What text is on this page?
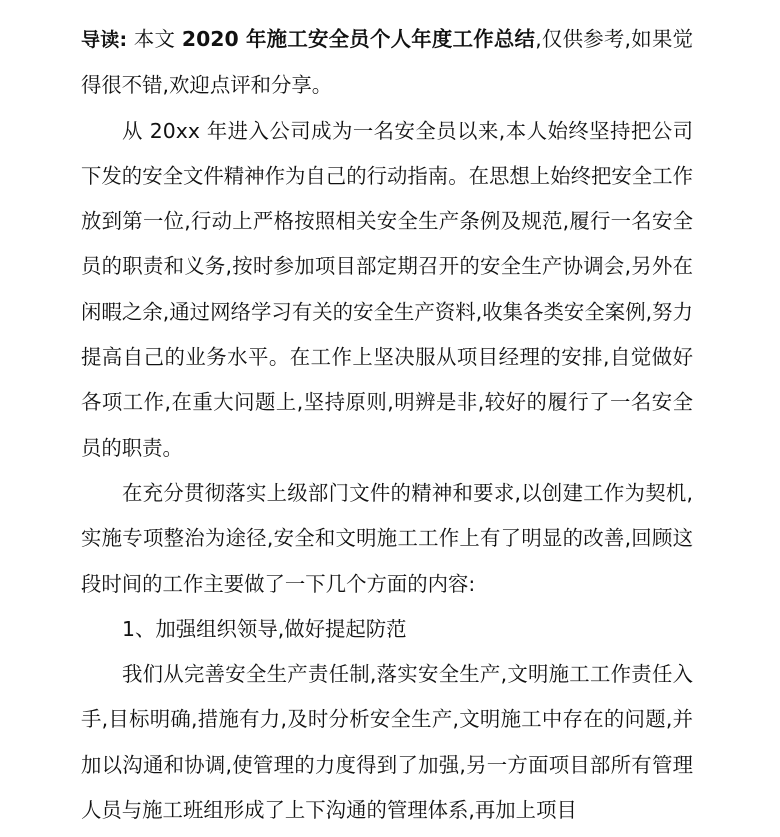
导读: 本文 2020 年施工安全员个人年度工作总结,仅供参考,如果觉得很不错,欢迎点评和分享。

从 20xx 年进入公司成为一名安全员以来,本人始终坚持把公司下发的安全文件精神作为自己的行动指南。在思想上始终把安全工作放到第一位,行动上严格按照相关安全生产条例及规范,履行一名安全员的职责和义务,按时参加项目部定期召开的安全生产协调会,另外在闲暇之余,通过网络学习有关的安全生产资料,收集各类安全案例,努力提高自己的业务水平。在工作上坚决服从项目经理的安排,自觉做好各项工作,在重大问题上,坚持原则,明辨是非,较好的履行了一名安全员的职责。

在充分贯彻落实上级部门文件的精神和要求,以创建工作为契机,实施专项整治为途径,安全和文明施工工作上有了明显的改善,回顾这段时间的工作主要做了一下几个方面的内容:

1、加强组织领导,做好提起防范

我们从完善安全生产责任制,落实安全生产,文明施工工作责任入手,目标明确,措施有力,及时分析安全生产,文明施工中存在的问题,并加以沟通和协调,使管理的力度得到了加强,另一方面项目部所有管理人员与施工班组形成了上下沟通的管理体系,再加上项目
